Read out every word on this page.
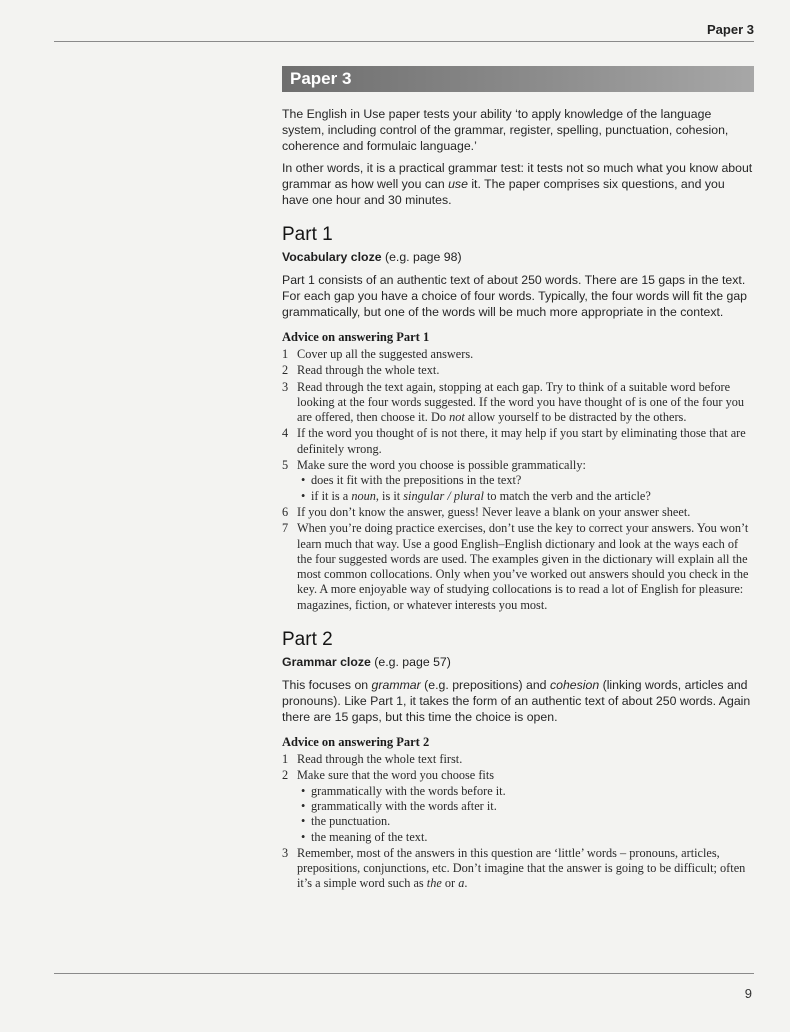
Paper 3
Paper 3

The English in Use paper tests your ability ‘to apply knowledge of the language system, including control of the grammar, register, spelling, punctuation, cohesion, coherence and formulaic language.’

In other words, it is a practical grammar test: it tests not so much what you know about grammar as how well you can use it. The paper comprises six questions, and you have one hour and 30 minutes.

Part 1

Vocabulary cloze (e.g. page 98)

Part 1 consists of an authentic text of about 250 words. There are 15 gaps in the text. For each gap you have a choice of four words. Typically, the four words will fit the gap grammatically, but one of the words will be much more appropriate in the context.

Advice on answering Part 1
1 Cover up all the suggested answers.
2 Read through the whole text.
3 Read through the text again, stopping at each gap. Try to think of a suitable word before looking at the four words suggested. If the word you have thought of is one of the four you are offered, then choose it. Do not allow yourself to be distracted by the others.
4 If the word you thought of is not there, it may help if you start by eliminating those that are definitely wrong.
5 Make sure the word you choose is possible grammatically:
• does it fit with the prepositions in the text?
• if it is a noun, is it singular / plural to match the verb and the article?
6 If you don’t know the answer, guess! Never leave a blank on your answer sheet.
7 When you’re doing practice exercises, don’t use the key to correct your answers. You won’t learn much that way. Use a good English–English dictionary and look at the ways each of the four suggested words are used. The examples given in the dictionary will explain all the most common collocations. Only when you’ve worked out answers should you check in the key. A more enjoyable way of studying collocations is to read a lot of English for pleasure: magazines, fiction, or whatever interests you most.
Part 2

Grammar cloze (e.g. page 57)

This focuses on grammar (e.g. prepositions) and cohesion (linking words, articles and pronouns). Like Part 1, it takes the form of an authentic text of about 250 words. Again there are 15 gaps, but this time the choice is open.

Advice on answering Part 2
1 Read through the whole text first.
2 Make sure that the word you choose fits
• grammatically with the words before it.
• grammatically with the words after it.
• the punctuation.
• the meaning of the text.
3 Remember, most of the answers in this question are ‘little’ words – pronouns, articles, prepositions, conjunctions, etc. Don’t imagine that the answer is going to be difficult; often it’s a simple word such as the or a.
9
